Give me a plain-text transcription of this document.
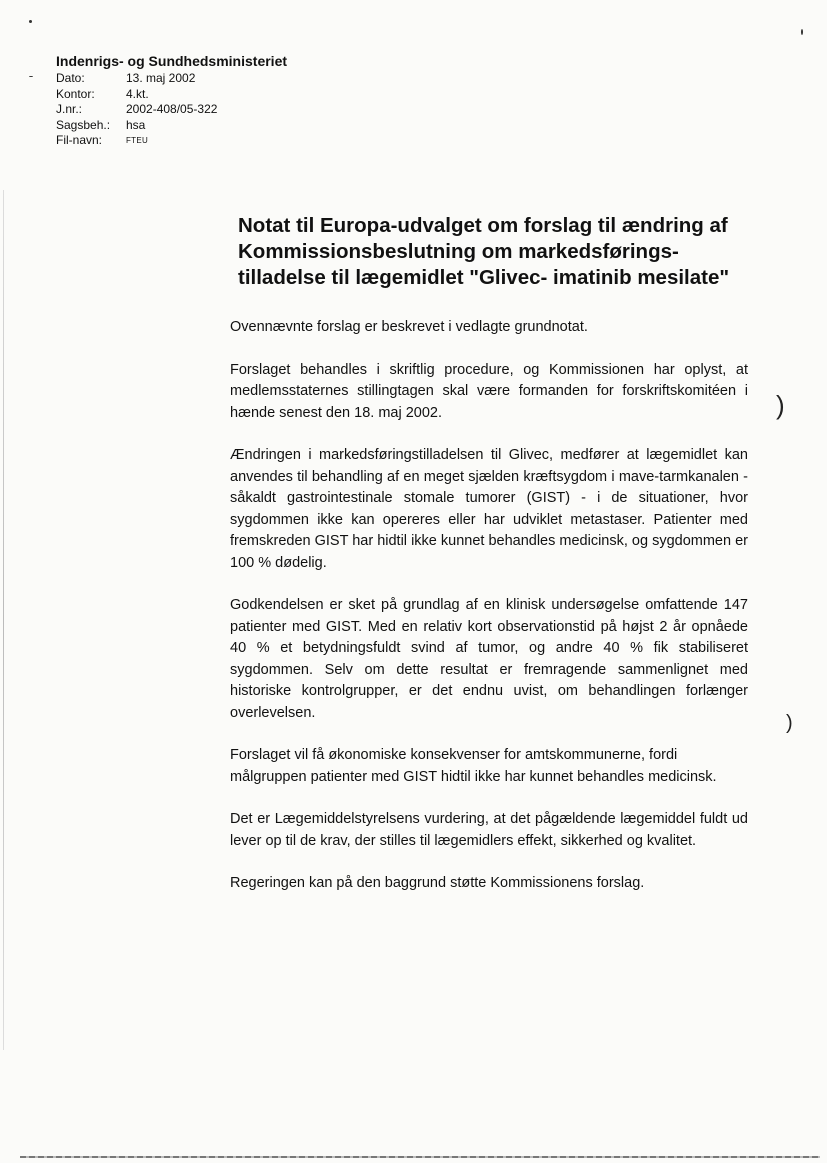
Indenrigs- og Sundhedsministeriet
Dato:	13. maj 2002
Kontor:	4.kt.
J.nr.:	2002-408/05-322
Sagsbeh.:	hsa
Fil-navn:	FTEU
Notat til Europa-udvalget om forslag til ændring af
Kommissionsbeslutning om markedsførings-
tilladelse til lægemidlet "Glivec- imatinib mesilate"

Ovennævnte forslag er beskrevet i vedlagte grundnotat.

Forslaget behandles i skriftlig procedure, og Kommissionen har oplyst, at medlemsstaternes stillingtagen skal være formanden for forskriftskomitéen i hænde senest den 18. maj 2002.

Ændringen i markedsføringstilladelsen til Glivec, medfører at lægemidlet kan anvendes til behandling af en meget sjælden kræftsygdom i mave-tarmkanalen - såkaldt gastrointestinale stomale tumorer (GIST) - i de situationer, hvor sygdommen ikke kan opereres eller har udviklet metastaser. Patienter med fremskreden GIST har hidtil ikke kunnet behandles medicinsk, og sygdommen er 100 % dødelig.

Godkendelsen er sket på grundlag af en klinisk undersøgelse omfattende 147 patienter med GIST. Med en relativ kort observationstid på højst 2 år opnåede 40 % et betydningsfuldt svind af tumor, og andre 40 % fik stabiliseret sygdommen. Selv om dette resultat er fremragende sammenlignet med historiske kontrolgrupper, er det endnu uvist, om behandlingen forlænger overlevelsen.

Forslaget vil få økonomiske konsekvenser for amtskommunerne, fordi målgruppen patienter med GIST hidtil ikke har kunnet behandles medicinsk.

Det er Lægemiddelstyrelsens vurdering, at det pågældende lægemiddel fuldt ud lever op til de krav, der stilles til lægemidlers effekt, sikkerhed og kvalitet.

Regeringen kan på den baggrund støtte Kommissionens forslag.

)
)
